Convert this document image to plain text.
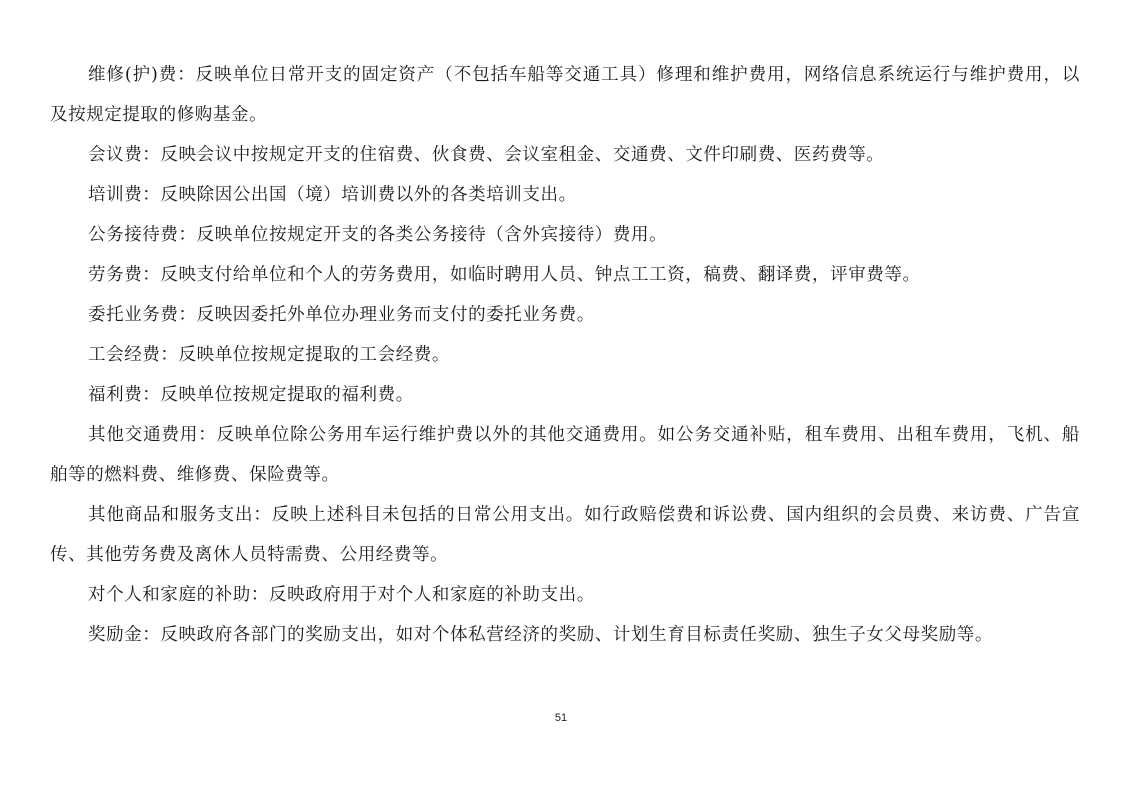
维修(护)费：反映单位日常开支的固定资产（不包括车船等交通工具）修理和维护费用，网络信息系统运行与维护费用，以及按规定提取的修购基金。

会议费：反映会议中按规定开支的住宿费、伙食费、会议室租金、交通费、文件印刷费、医药费等。

培训费：反映除因公出国（境）培训费以外的各类培训支出。

公务接待费：反映单位按规定开支的各类公务接待（含外宾接待）费用。

劳务费：反映支付给单位和个人的劳务费用，如临时聘用人员、钟点工工资，稿费、翻译费，评审费等。

委托业务费：反映因委托外单位办理业务而支付的委托业务费。

工会经费：反映单位按规定提取的工会经费。

福利费：反映单位按规定提取的福利费。

其他交通费用：反映单位除公务用车运行维护费以外的其他交通费用。如公务交通补贴，租车费用、出租车费用，飞机、船舶等的燃料费、维修费、保险费等。

其他商品和服务支出：反映上述科目未包括的日常公用支出。如行政赔偿费和诉讼费、国内组织的会员费、来访费、广告宣传、其他劳务费及离休人员特需费、公用经费等。

对个人和家庭的补助：反映政府用于对个人和家庭的补助支出。

奖励金：反映政府各部门的奖励支出，如对个体私营经济的奖励、计划生育目标责任奖励、独生子女父母奖励等。

51
